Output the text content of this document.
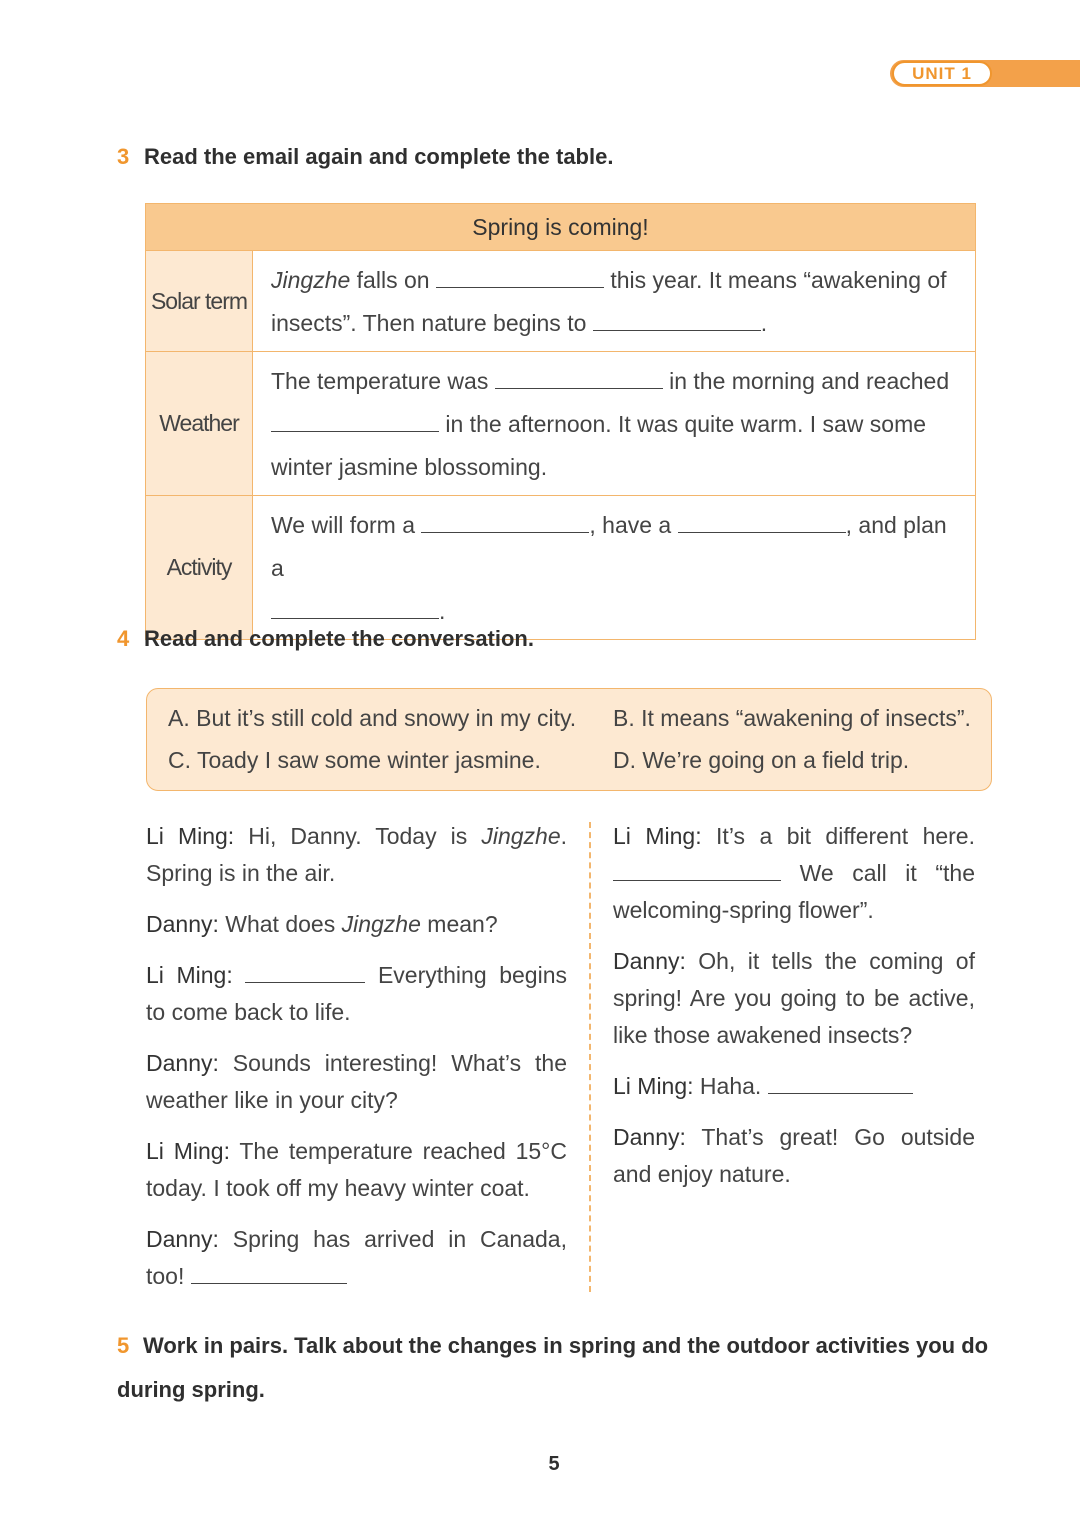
UNIT 1
3 Read the email again and complete the table.
Spring is coming!	
Solar term	Jingzhe falls on this year. It means “awakening of
insects”. Then nature begins to .
Weather	The temperature was in the morning and reached
in the afternoon. It was quite warm. I saw some
winter jasmine blossoming.
Activity	We will form a , have a , and plan a
.
4 Read and complete the conversation.
A. But it’s still cold and snowy in my city. B. It means “awakening of insects”.
C. Toady I saw some winter jasmine.	D. We’re going on a field trip.
Li Ming: Hi, Danny. Today is Jingzhe. Spring is in the air.
Danny: What does Jingzhe mean?
Li Ming:	Everything begins to come back to life.
Danny: Sounds interesting! What’s the weather like in your city?
Li Ming: The temperature reached 15°C today. I took off my heavy winter coat.
Danny: Spring has arrived in Canada, too!
Li Ming: It’s a bit different here.  We call it “the welcoming-spring flower”.
Danny: Oh, it tells the coming of spring! Are you going to be active, like those awakened insects?
Li Ming: Haha.
Danny: That’s great! Go outside and enjoy nature.
5 Work in pairs. Talk about the changes in spring and the outdoor activities you do during spring.
5
